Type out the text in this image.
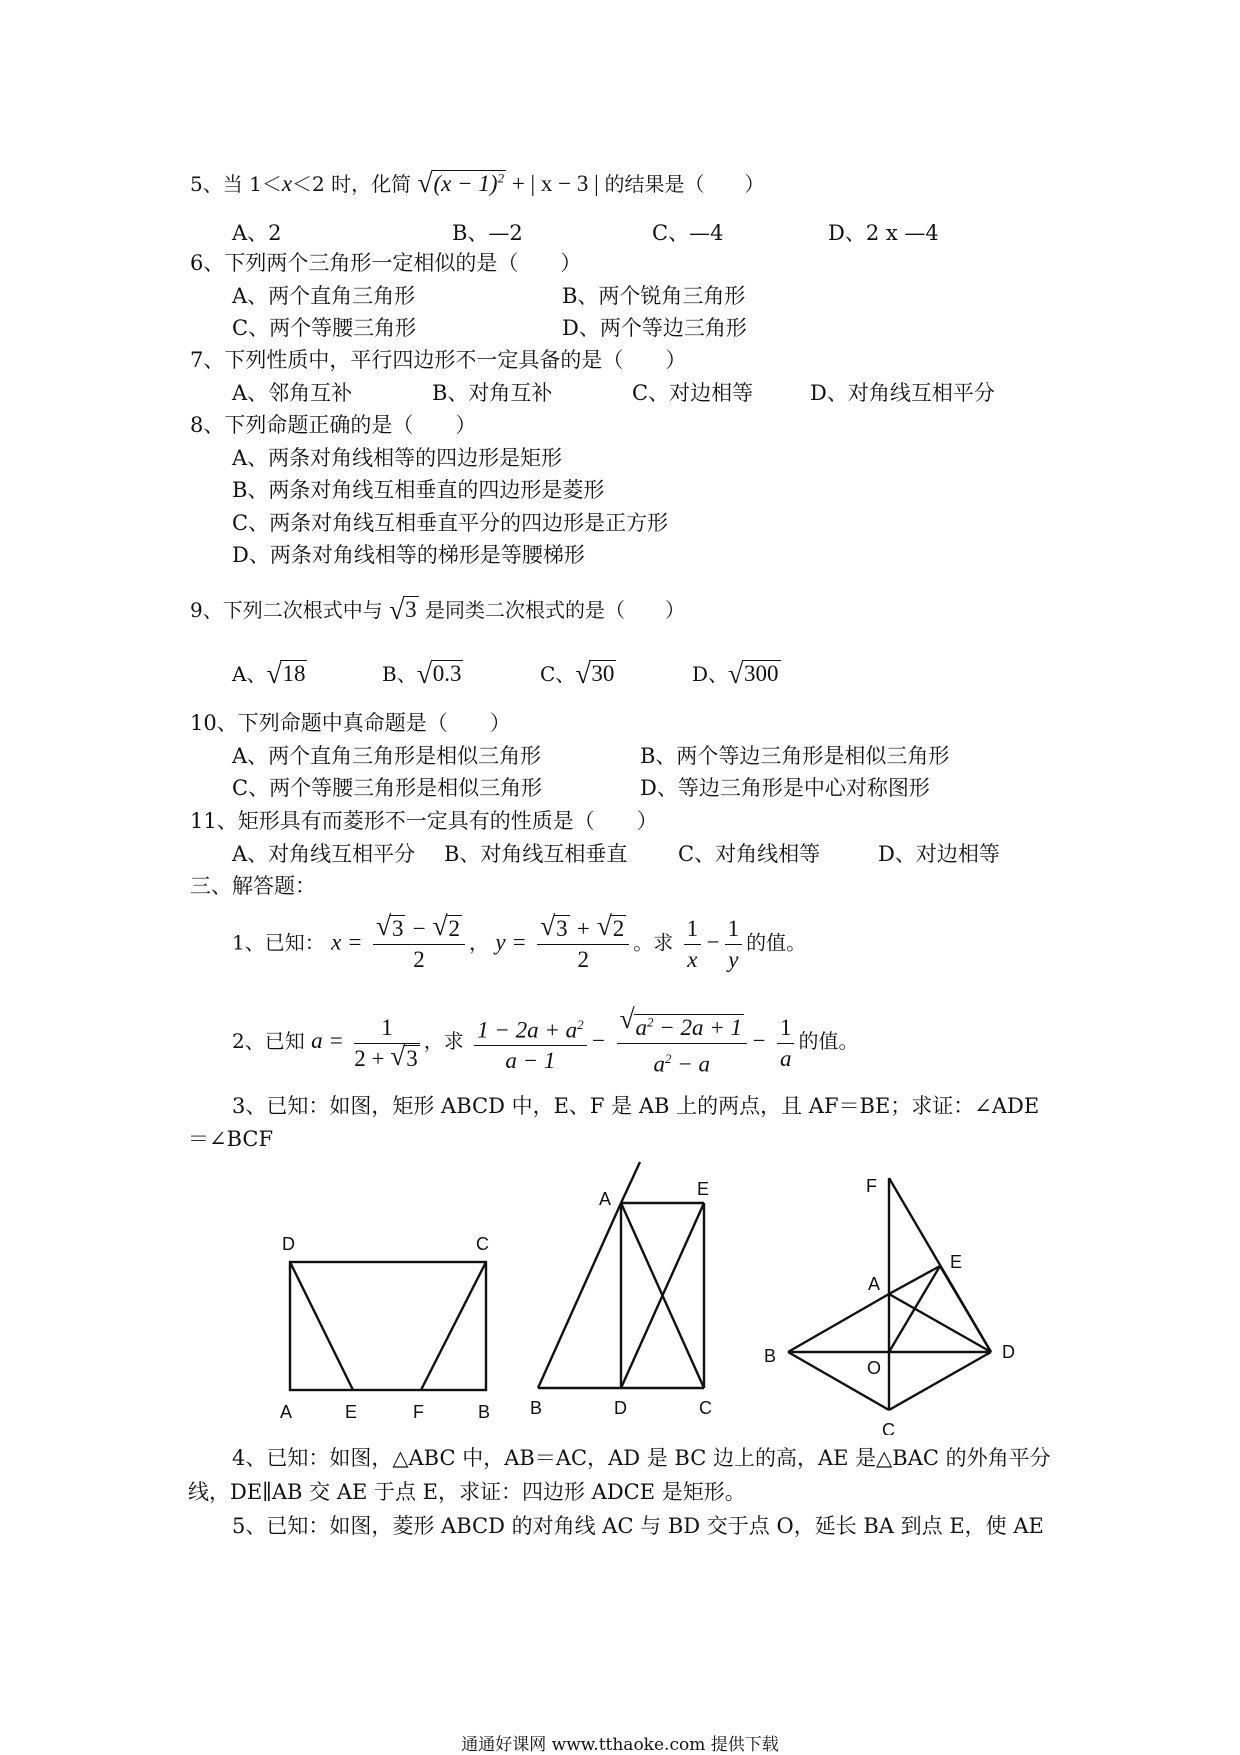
5、当 1＜x＜2 时，化简 √ $(x - 1)^2$ + | x − 3 | 的结果是（　　）
A、2	B、—2	C、—4	D、2 x —4
6、下列两个三角形一定相似的是（　　）
A、两个直角三角形	B、两个锐角三角形
C、两个等腰三角形	D、两个等边三角形
7、下列性质中，平行四边形不一定具备的是（　　）
A、邻角互补	B、对角互补	C、对边相等	D、对角线互相平分
8、下列命题正确的是（　　）
A、两条对角线相等的四边形是矩形
B、两条对角线互相垂直的四边形是菱形
C、两条对角线互相垂直平分的四边形是正方形
D、两条对角线相等的梯形是等腰梯形
9、下列二次根式中与 √ 3 是同类二次根式的是（　　）
A、 √ 18	B、 √ 0.3	C、 √ 30	D、 √ 300
10、下列命题中真命题是（　　）
A、两个直角三角形是相似三角形	B、两个等边三角形是相似三角形
C、两个等腰三角形是相似三角形	D、等边三角形是中心对称图形
11、矩形具有而菱形不一定具有的性质是（　　）
A、对角线互相平分 B、对角线互相垂直 C、对角线相等	D、对边相等
三、解答题：
1、已知： $x = \frac{√ 3 - √ 2}{2}$ ， $y = \frac{√ 3 + √ 2}{2}$ 。求 $\frac{1}{x} - \frac{1}{y}$ 的值。
2、已知 $a = \frac{1}{2 + √ 3}$ ，求 $\frac{1 - 2a + a^2}{a - 1} - \frac{√ a^2 - 2a + 1}{a^2 - a} - \frac{1}{a}$ 的值。
3、已知：如图，矩形 ABCD 中，E、F 是 AB 上的两点，且 AF＝BE；求证：∠ADE
＝∠BCF
D	C
A	E	F	B
A	E
B	D	C
F
E
A
B
O
D
C
4、已知：如图，△ABC 中，AB＝AC，AD 是 BC 边上的高，AE 是△BAC 的外角平分
线，DE∥AB 交 AE 于点 E，求证：四边形 ADCE 是矩形。
5、已知：如图，菱形 ABCD 的对角线 AC 与 BD 交于点 O，延长 BA 到点 E，使 AE
通通好课网 www.tthaoke.com 提供下载
